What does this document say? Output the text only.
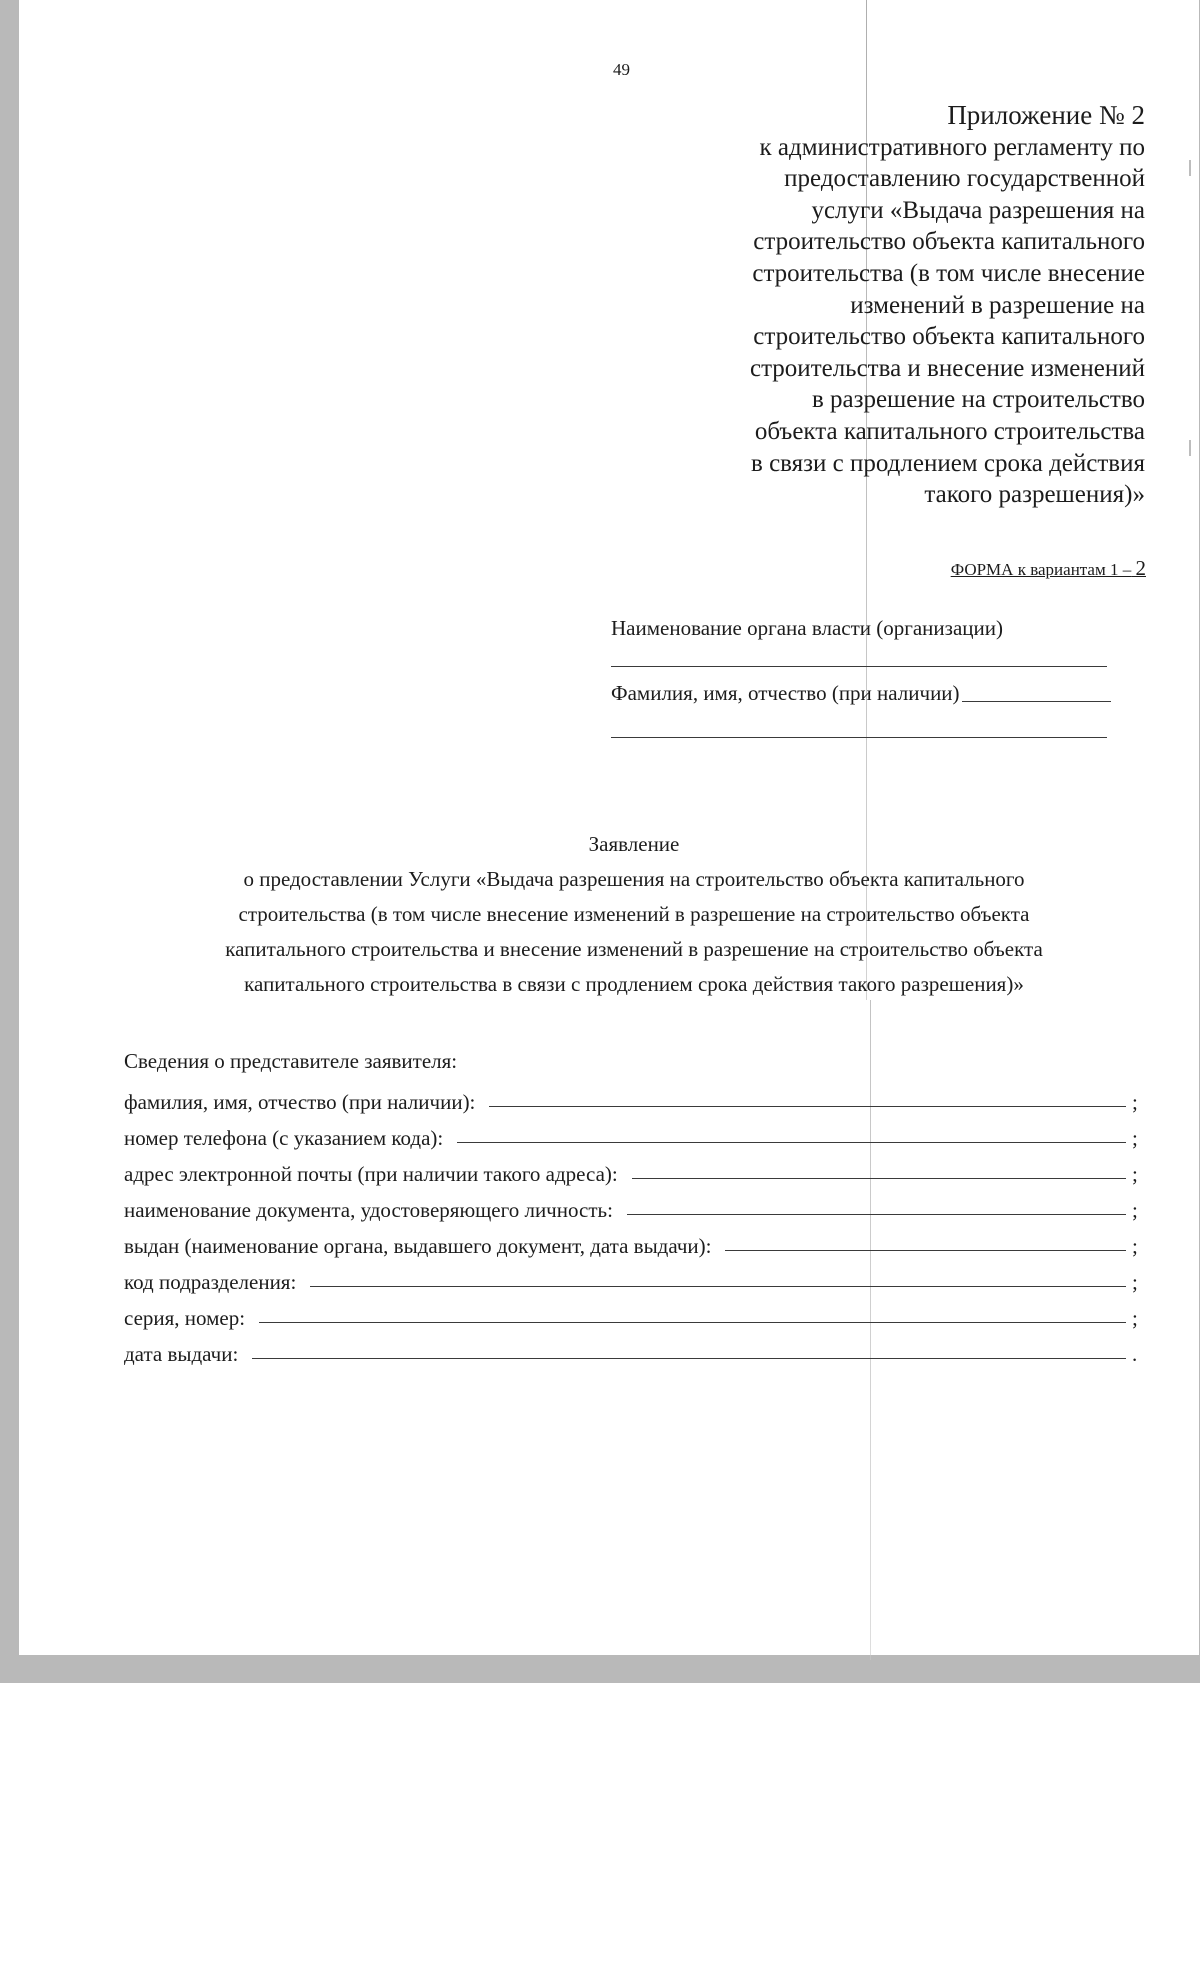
49
Приложение № 2
к административного регламенту по
предоставлению государственной
услуги «Выдача разрешения на
строительство объекта капитального
строительства (в том числе внесение
изменений в разрешение на
строительство объекта капитального
строительства и внесение изменений
в разрешение на строительство
объекта капитального строительства
в связи с продлением срока действия
такого разрешения)»
ФОРМА к вариантам 1 – 2
Наименование органа власти (организации)
Фамилия, имя, отчество (при наличии)
Заявление
о предоставлении Услуги «Выдача разрешения на строительство объекта капитального
строительства (в том числе внесение изменений в разрешение на строительство объекта
капитального строительства и внесение изменений в разрешение на строительство объекта
капитального строительства в связи с продлением срока действия такого разрешения)»
Сведения о представителе заявителя:
фамилия, имя, отчество (при наличии):	;
номер телефона (с указанием кода):	;
адрес электронной почты (при наличии такого адреса):	;
наименование документа, удостоверяющего личность:	;
выдан (наименование органа, выдавшего документ, дата выдачи):	;
код подразделения:	;
серия, номер:	;
дата выдачи:	.
